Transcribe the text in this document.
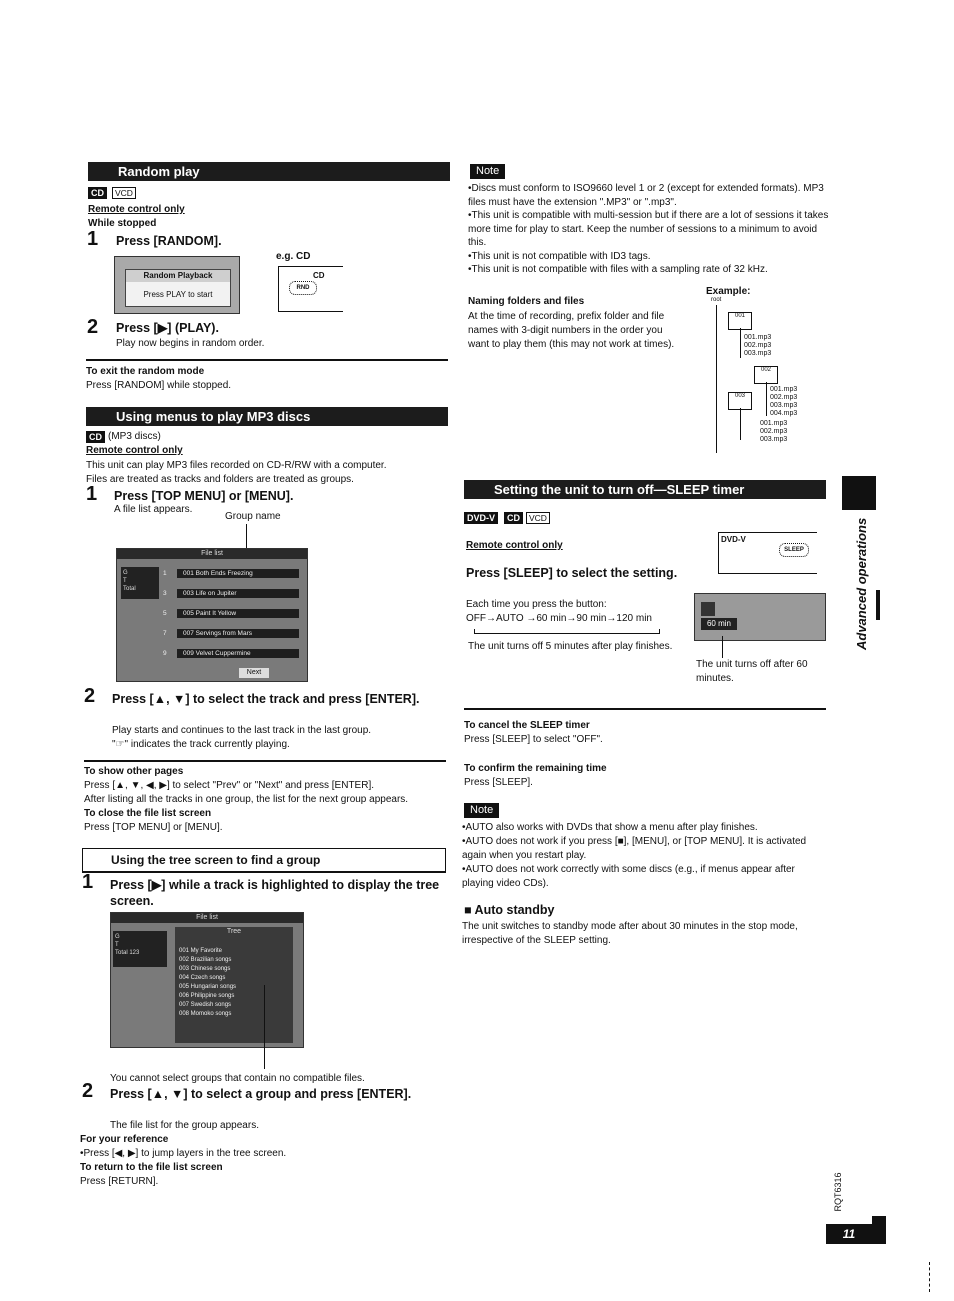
Random play
CD	VCD
Remote control only
While stopped
1 Press [RANDOM].
Random Playback
Press PLAY to start
e.g. CD
CD
RND
2 Press [▶] (PLAY).
Play now begins in random order.
To exit the random mode
Press [RANDOM] while stopped.
Using menus to play MP3 discs
CD (MP3 discs)
Remote control only
This unit can play MP3 files recorded on CD-R/RW with a computer.
Files are treated as tracks and folders are treated as groups.
1 Press [TOP MENU] or [MENU].
A file list appears.
Group name
File list
G
T
Total
1	001 Both Ends Freezing
3	003 Life on Jupiter
5	005 Paint It Yellow
7	007 Servings from Mars
9	009 Velvet Cuppermine
Next
2 Press [▲, ▼] to select the track and press [ENTER].
Play starts and continues to the last track in the last group.
"☞" indicates the track currently playing.
To show other pages
Press [▲, ▼, ◀, ▶] to select "Prev" or "Next" and press [ENTER].
After listing all the tracks in one group, the list for the next group appears.
To close the file list screen
Press [TOP MENU] or [MENU].
Using the tree screen to find a group
1 Press [▶] while a track is highlighted to display the tree screen.
File list
G
T
Total 123
Tree
001 My Favorite
002 Brazilian songs
003 Chinese songs
004 Czech songs
005 Hungarian songs
006 Philippine songs
007 Swedish songs
008 Momoko songs
You cannot select groups that contain no compatible files.
2 Press [▲, ▼] to select a group and press [ENTER].
The file list for the group appears.
For your reference
•Press [◀, ▶] to jump layers in the tree screen.
To return to the file list screen
Press [RETURN].
Note
•Discs must conform to ISO9660 level 1 or 2 (except for extended formats). MP3 files must have the extension ".MP3" or ".mp3".
•This unit is compatible with multi-session but if there are a lot of sessions it takes more time for play to start. Keep the number of sessions to a minimum to avoid this.
•This unit is not compatible with ID3 tags.
•This unit is not compatible with files with a sampling rate of 32 kHz.
Naming folders and files
At the time of recording, prefix folder and file names with 3-digit numbers in the order you want to play them (this may not work at times).
Example:
root
001
001.mp3
002.mp3
003.mp3
002
001.mp3
002.mp3
003.mp3
004.mp3
003
001.mp3
002.mp3
003.mp3
Setting the unit to turn off—SLEEP timer
DVD-V	CD	VCD
Remote control only
Press [SLEEP] to select the setting.
Each time you press the button:
OFF→AUTO →60 min→90 min→120 min
The unit turns off 5 minutes after play finishes.
DVD-V
SLEEP
60 min
The unit turns off after 60 minutes.
To cancel the SLEEP timer
Press [SLEEP] to select "OFF".
To confirm the remaining time
Press [SLEEP].
Note
•AUTO also works with DVDs that show a menu after play finishes.
•AUTO does not work if you press [■], [MENU], or [TOP MENU]. It is activated again when you restart play.
•AUTO does not work correctly with some discs (e.g., if menus appear after playing video CDs).
■ Auto standby
The unit switches to standby mode after about 30 minutes in the stop mode, irrespective of the SLEEP setting.
Advanced operations
RQT6316
11
